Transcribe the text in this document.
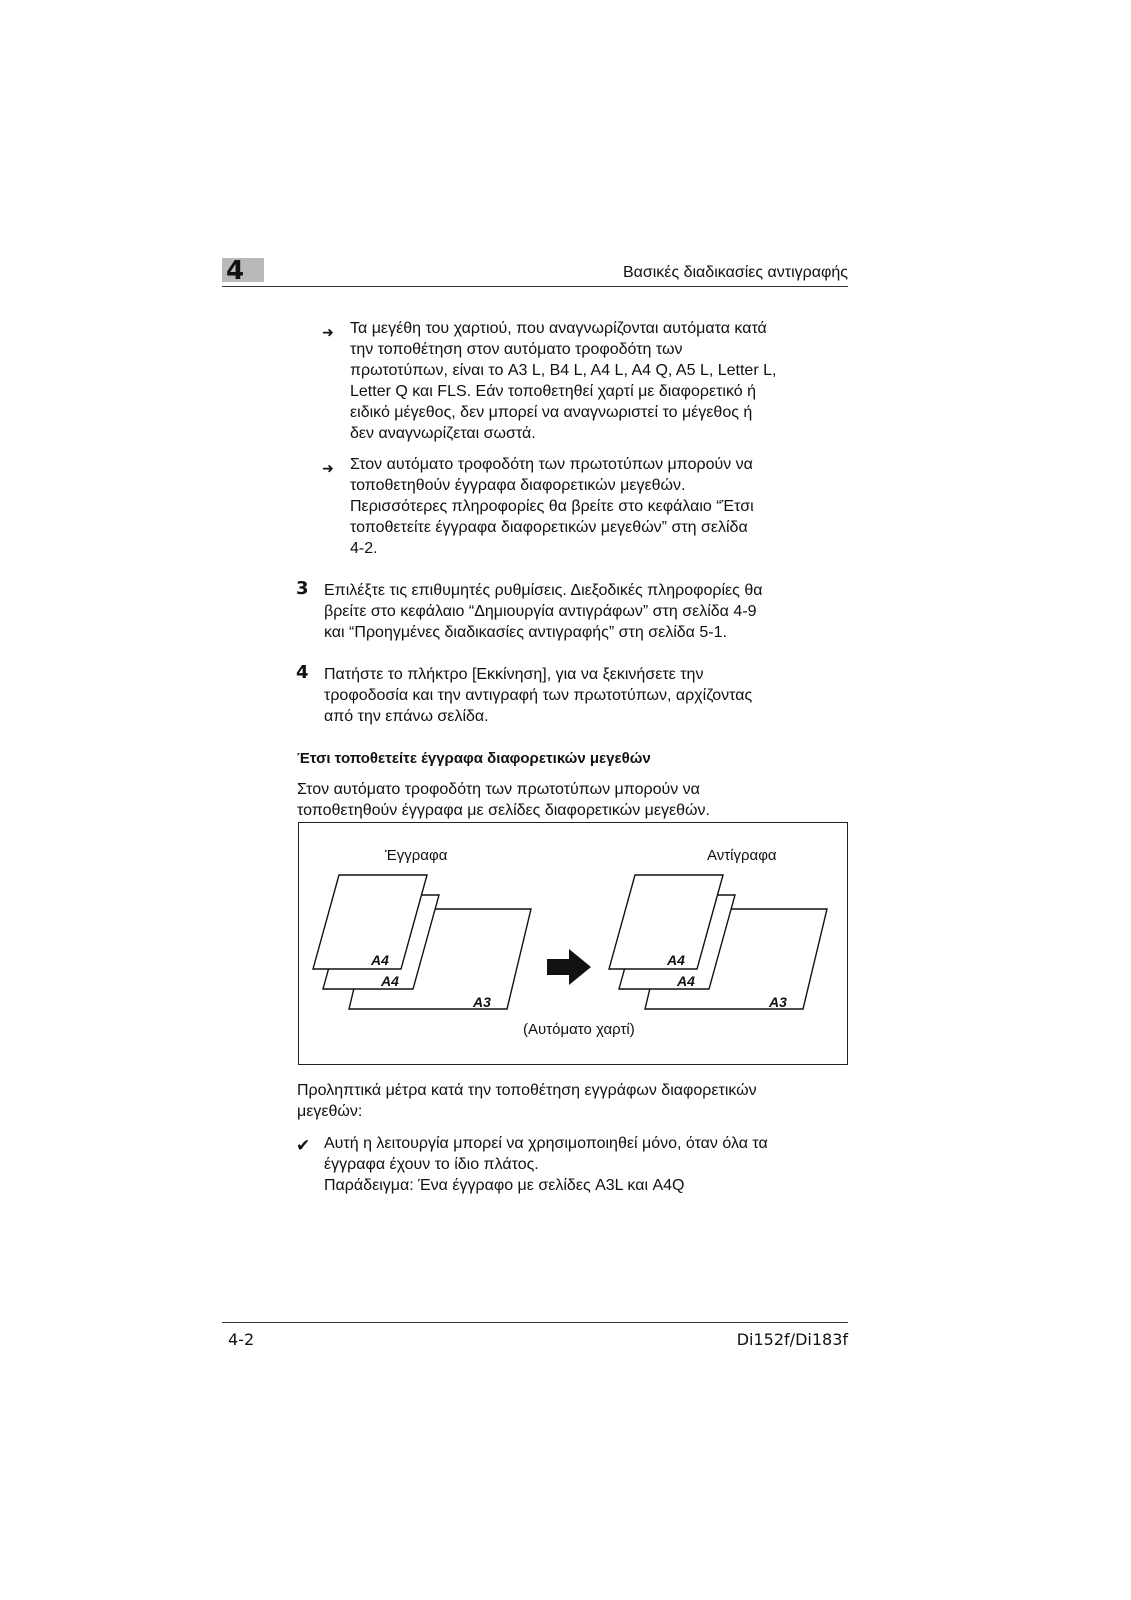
4	Βασικές διαδικασίες αντιγραφής
➜ Τα μεγέθη του χαρτιού, που αναγνωρίζονται αυτόματα κατά
την τοποθέτηση στον αυτόματο τροφοδότη των
πρωτοτύπων, είναι το A3 L, B4 L, A4 L, A4 Q, A5 L, Letter L,
Letter Q και FLS. Εάν τοποθετηθεί χαρτί με διαφορετικό ή
ειδικό μέγεθος, δεν μπορεί να αναγνωριστεί το μέγεθος ή
δεν αναγνωρίζεται σωστά.
➜ Στον αυτόματο τροφοδότη των πρωτοτύπων μπορούν να
τοποθετηθούν έγγραφα διαφορετικών μεγεθών.
Περισσότερες πληροφορίες θα βρείτε στο κεφάλαιο “Έτσι
τοποθετείτε έγγραφα διαφορετικών μεγεθών” στη σελίδα
4-2.
3 Επιλέξτε τις επιθυμητές ρυθμίσεις. Διεξοδικές πληροφορίες θα
βρείτε στο κεφάλαιο “Δημιουργία αντιγράφων” στη σελίδα 4-9
και “Προηγμένες διαδικασίες αντιγραφής” στη σελίδα 5-1.
4 Πατήστε το πλήκτρο [Εκκίνηση], για να ξεκινήσετε την
τροφοδοσία και την αντιγραφή των πρωτοτύπων, αρχίζοντας
από την επάνω σελίδα.
Έτσι τοποθετείτε έγγραφα διαφορετικών μεγεθών
Στον αυτόματο τροφοδότη των πρωτοτύπων μπορούν να
τοποθετηθούν έγγραφα με σελίδες διαφορετικών μεγεθών.
Έγγραφα	Αντίγραφα
(Αυτόματο χαρτί)
A4
A4
A3
A4
A4
A3
Προληπτικά μέτρα κατά την τοποθέτηση εγγράφων διαφορετικών
μεγεθών:
✔ Αυτή η λειτουργία μπορεί να χρησιμοποιηθεί μόνο, όταν όλα τα
έγγραφα έχουν το ίδιο πλάτος.
Παράδειγμα: Ένα έγγραφο με σελίδες A3L και A4Q
4-2	Di152f/Di183f
